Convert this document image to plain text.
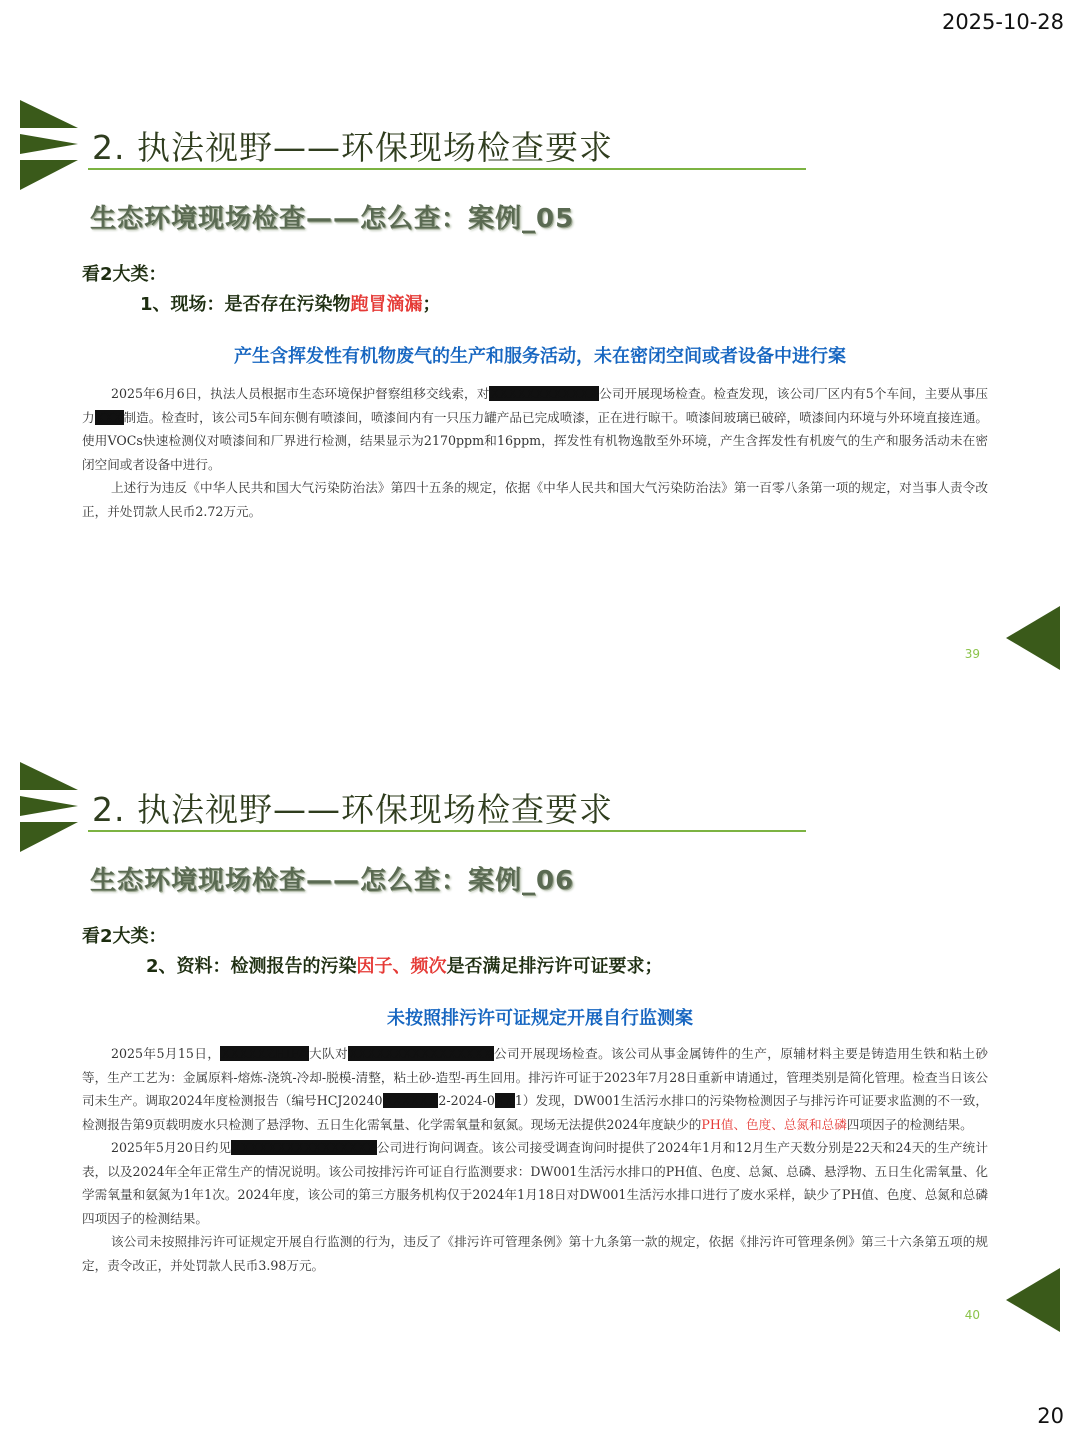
2025-10-28
2. 执法视野——环保现场检查要求
生态环境现场检查——怎么查：案例_05
看2大类：
1、现场：是否存在污染物跑冒滴漏；
产生含挥发性有机物废气的生产和服务活动，未在密闭空间或者设备中进行案

2025年6月6日，执法人员根据市生态环境保护督察组移交线索，对XXXXXXXXXXXX公司开展现场检查。检查发现，该公司厂区内有5个车间，主要从事压力XXX制造。检查时，该公司5车间东侧有喷漆间，喷漆间内有一只压力罐产品已完成喷漆，正在进行晾干。喷漆间玻璃已破碎，喷漆间内环境与外环境直接连通。使用VOCs快速检测仪对喷漆间和厂界进行检测，结果显示为2170ppm和16ppm，挥发性有机物逸散至外环境，产生含挥发性有机废气的生产和服务活动未在密闭空间或者设备中进行。

上述行为违反《中华人民共和国大气污染防治法》第四十五条的规定，依据《中华人民共和国大气污染防治法》第一百零八条第一项的规定，对当事人责令改正，并处罚款人民币2.72万元。

39
2. 执法视野——环保现场检查要求
生态环境现场检查——怎么查：案例_06
看2大类：
2、资料：检测报告的污染因子、频次是否满足排污许可证要求；
未按照排污许可证规定开展自行监测案

2025年5月15日，XXXXXZHIFA大队对XXXXXXXXXXXXXXXX公司开展现场检查。该公司从事金属铸件的生产，原辅材料主要是铸造用生铁和粘土砂等，生产工艺为：金属原料-熔炼-浇筑-冷却-脱模-清整，粘土砂-造型-再生回用。排污许可证于2023年7月28日重新申请通过，管理类别是简化管理。检查当日该公司未生产。调取2024年度检测报告（编号HCJ20240XXXXXX2-2024-0XX1）发现，DW001生活污水排口的污染物检测因子与排污许可证要求监测的不一致，检测报告第9页载明废水只检测了悬浮物、五日生化需氧量、化学需氧量和氨氮。现场无法提供2024年度缺少的PH值、色度、总氮和总磷四项因子的检测结果。

2025年5月20日约见XXXXXXXXXXXXXXXX公司进行询问调查。该公司接受调查询问时提供了2024年1月和12月生产天数分别是22天和24天的生产统计表，以及2024年全年正常生产的情况说明。该公司按排污许可证自行监测要求：DW001生活污水排口的PH值、色度、总氮、总磷、悬浮物、五日生化需氧量、化学需氧量和氨氮为1年1次。2024年度，该公司的第三方服务机构仅于2024年1月18日对DW001生活污水排口进行了废水采样，缺少了PH值、色度、总氮和总磷四项因子的检测结果。

该公司未按照排污许可证规定开展自行监测的行为，违反了《排污许可管理条例》第十九条第一款的规定，依据《排污许可管理条例》第三十六条第五项的规定，责令改正，并处罚款人民币3.98万元。

40
20
